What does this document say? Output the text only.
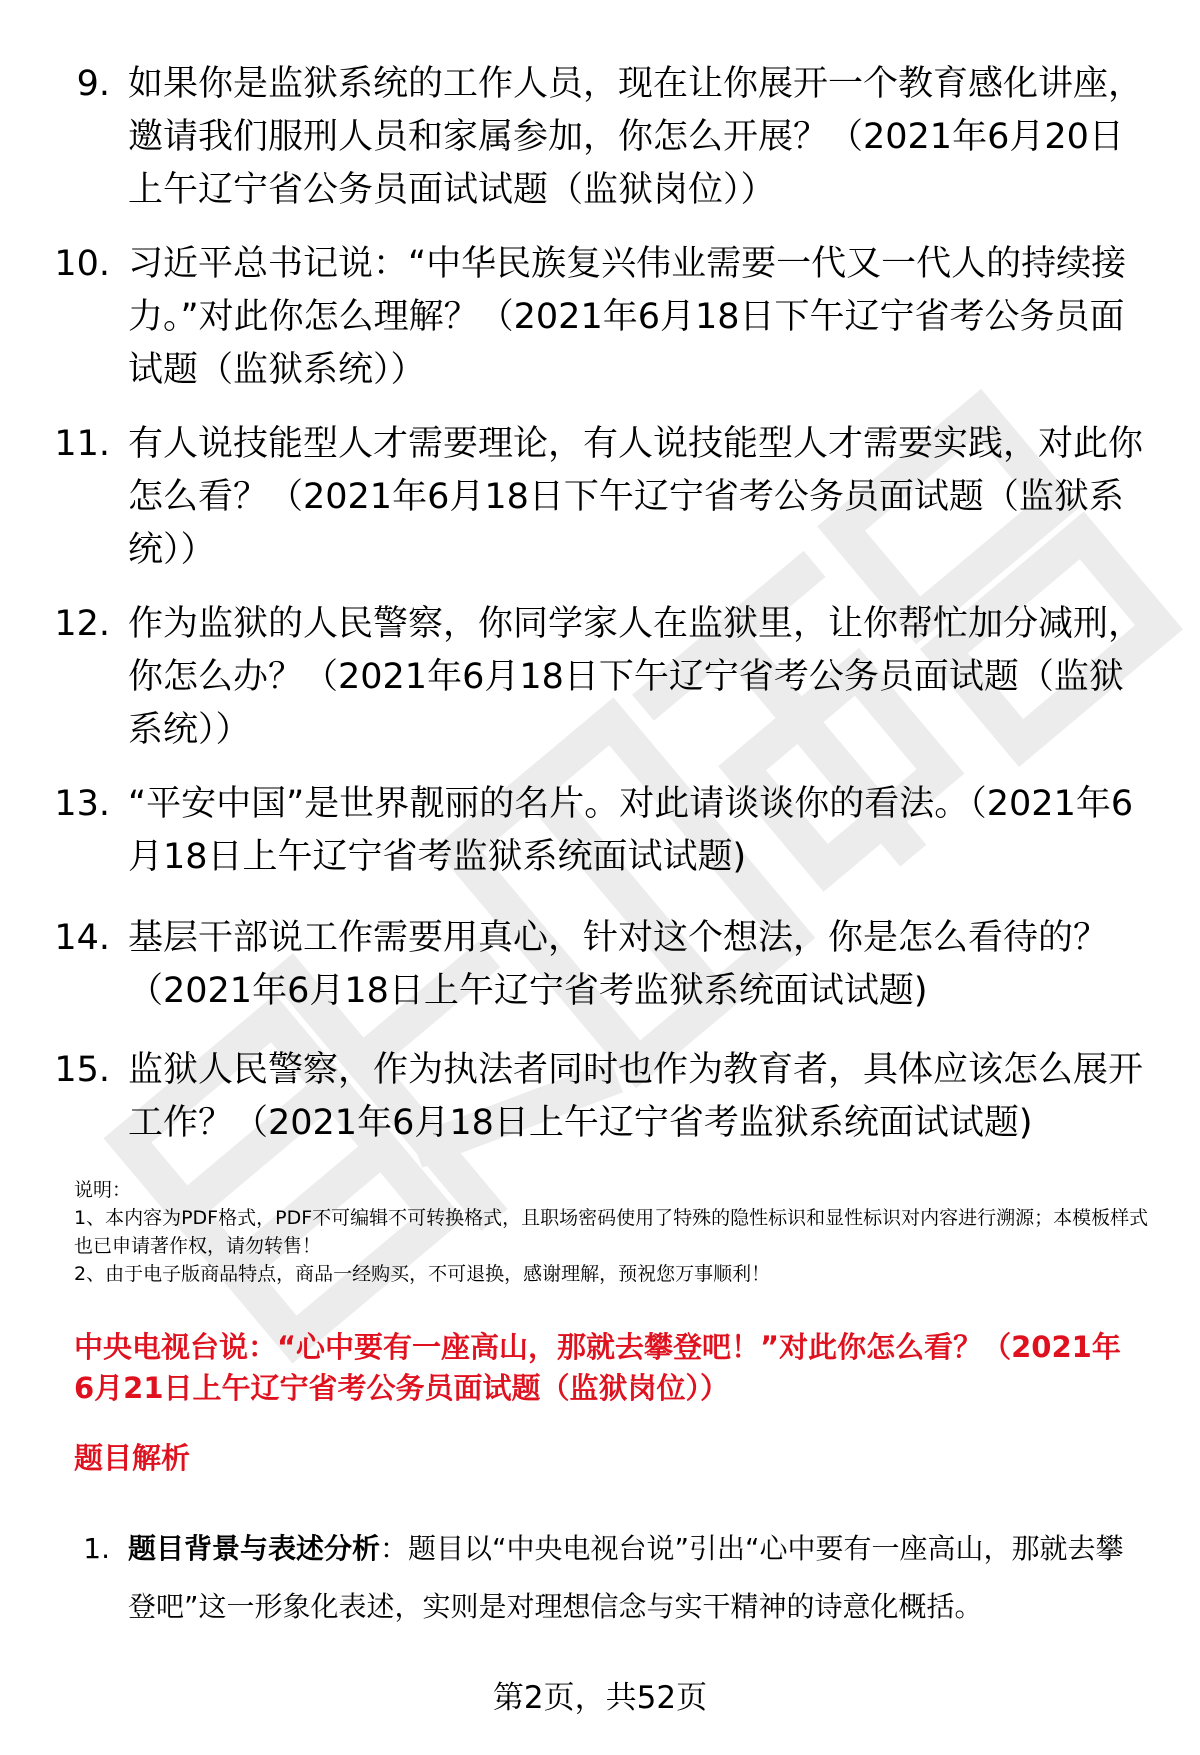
9. 如果你是监狱系统的工作人员，现在让你展开一个教育感化讲座，邀请我们服刑人员和家属参加，你怎么开展？（2021年6月20日上午辽宁省公务员面试试题（监狱岗位））
10. 习近平总书记说：“中华民族复兴伟业需要一代又一代人的持续接力。”对此你怎么理解？（2021年6月18日下午辽宁省考公务员面试题（监狱系统））
11. 有人说技能型人才需要理论，有人说技能型人才需要实践，对此你怎么看？（2021年6月18日下午辽宁省考公务员面试题（监狱系统））
12. 作为监狱的人民警察，你同学家人在监狱里，让你帮忙加分减刑，你怎么办？（2021年6月18日下午辽宁省考公务员面试题（监狱系统））
13. “平安中国”是世界靓丽的名片。对此请谈谈你的看法。（2021年6月18日上午辽宁省考监狱系统面试试题)
14. 基层干部说工作需要用真心，针对这个想法，你是怎么看待的？（2021年6月18日上午辽宁省考监狱系统面试试题)
15. 监狱人民警察，作为执法者同时也作为教育者，具体应该怎么展开工作？（2021年6月18日上午辽宁省考监狱系统面试试题)
说明：
1、本内容为PDF格式，PDF不可编辑不可转换格式，且职场密码使用了特殊的隐性标识和显性标识对内容进行溯源；本模板样式也已申请著作权，请勿转售！
2、由于电子版商品特点，商品一经购买，不可退换，感谢理解，预祝您万事顺利！
中央电视台说：“心中要有一座高山，那就去攀登吧！”对此你怎么看？（2021年6月21日上午辽宁省考公务员面试题（监狱岗位））
题目解析
1. 题目背景与表述分析：题目以“中央电视台说”引出“心中要有一座高山，那就去攀登吧”这一形象化表述，实则是对理想信念与实干精神的诗意化概括。
第2页，共52页
